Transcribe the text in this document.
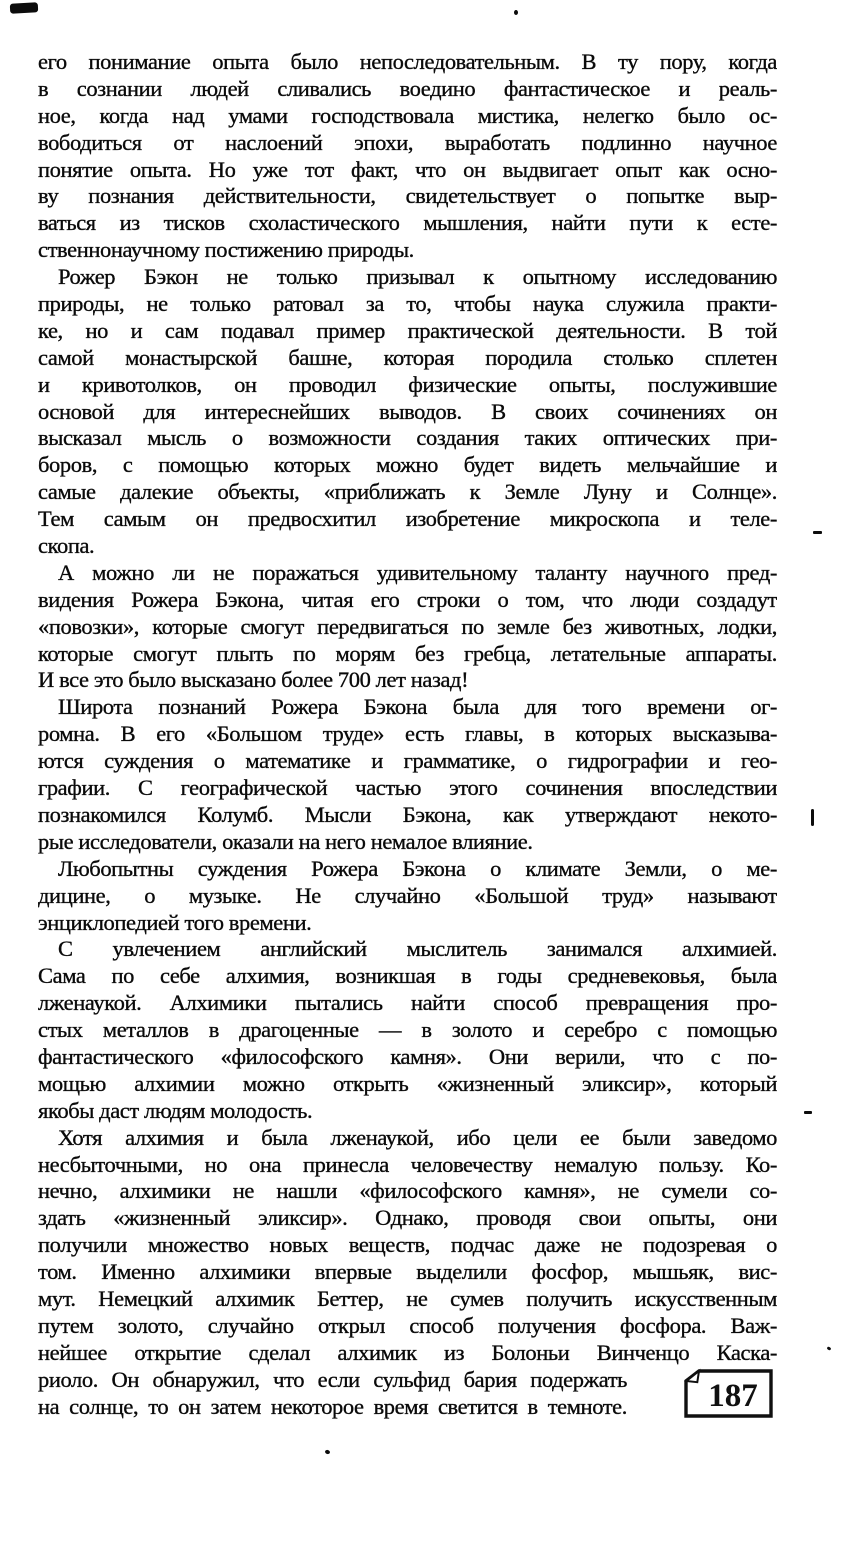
его понимание опыта было непоследовательным. В ту пору, когда
в сознании людей сливались воедино фантастическое и реаль-
ное, когда над умами господствовала мистика, нелегко было ос-
вободиться от наслоений эпохи, выработать подлинно научное
понятие опыта. Но уже тот факт, что он выдвигает опыт как осно-
ву познания действительности, свидетельствует о попытке выр-
ваться из тисков схоластического мышления, найти пути к есте-
ственнонаучному постижению природы.
Рожер Бэкон не только призывал к опытному исследованию
природы, не только ратовал за то, чтобы наука служила практи-
ке, но и сам подавал пример практической деятельности. В той
самой монастырской башне, которая породила столько сплетен
и кривотолков, он проводил физические опыты, послужившие
основой для интереснейших выводов. В своих сочинениях он
высказал мысль о возможности создания таких оптических при-
боров, с помощью которых можно будет видеть мельчайшие и
самые далекие объекты, «приближать к Земле Луну и Солнце».
Тем самым он предвосхитил изобретение микроскопа и теле-
скопа.
А можно ли не поражаться удивительному таланту научного пред-
видения Рожера Бэкона, читая его строки о том, что люди создадут
«повозки», которые смогут передвигаться по земле без животных, лодки,
которые смогут плыть по морям без гребца, летательные аппараты.
И все это было высказано более 700 лет назад!
Широта познаний Рожера Бэкона была для того времени ог-
ромна. В его «Большом труде» есть главы, в которых высказыва-
ются суждения о математике и грамматике, о гидрографии и гео-
графии. С географической частью этого сочинения впоследствии
познакомился Колумб. Мысли Бэкона, как утверждают некото-
рые исследователи, оказали на него немалое влияние.
Любопытны суждения Рожера Бэкона о климате Земли, о ме-
дицине, о музыке. Не случайно «Большой труд» называют
энциклопедией того времени.
С увлечением английский мыслитель занимался алхимией.
Сама по себе алхимия, возникшая в годы средневековья, была
лженаукой. Алхимики пытались найти способ превращения про-
стых металлов в драгоценные — в золото и серебро с помощью
фантастического «философского камня». Они верили, что с по-
мощью алхимии можно открыть «жизненный эликсир», который
якобы даст людям молодость.
Хотя алхимия и была лженаукой, ибо цели ее были заведомо
несбыточными, но она принесла человечеству немалую пользу. Ко-
нечно, алхимики не нашли «философского камня», не сумели со-
здать «жизненный эликсир». Однако, проводя свои опыты, они
получили множество новых веществ, подчас даже не подозревая о
том. Именно алхимики впервые выделили фосфор, мышьяк, вис-
мут. Немецкий алхимик Беттер, не сумев получить искусственным
путем золото, случайно открыл способ получения фосфора. Важ-
нейшее открытие сделал алхимик из Болоньи Винченцо Каска-
риоло. Он обнаружил, что если сульфид бария подержать
на солнце, то он затем некоторое время светится в темноте. 187
